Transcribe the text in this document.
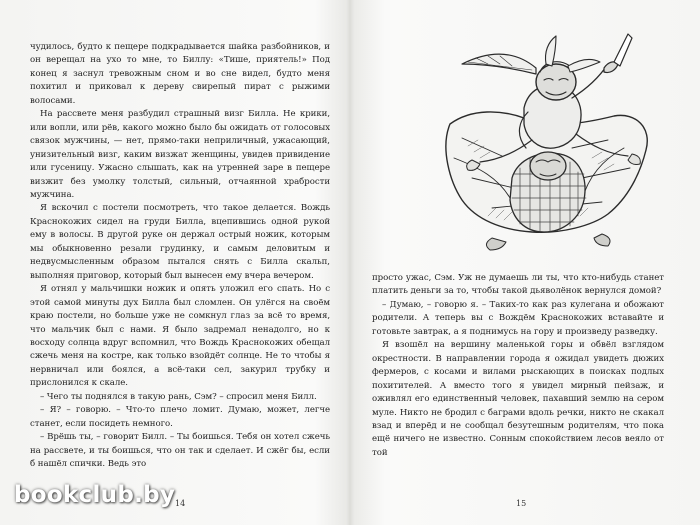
чудилось, будто к пещере подкрадывается шайка разбойников, и он верещал на ухо то мне, то Биллу: «Тише, приятель!» Под конец я заснул тревожным сном и во сне видел, будто меня похитил и приковал к дереву свирепый пират с рыжими волосами.

На рассвете меня разбудил страшный визг Билла. Не крики, или вопли, или рёв, какого можно было бы ожидать от голосовых связок мужчины, — нет, прямо-таки неприличный, ужасающий, унизительный визг, каким визжат женщины, увидев привидение или гусеницу. Ужасно слышать, как на утренней заре в пещере визжит без умолку толстый, сильный, отчаянной храбрости мужчина.

Я вскочил с постели посмотреть, что такое делается. Вождь Краснокожих сидел на груди Билла, вцепившись одной рукой ему в волосы. В другой руке он держал острый ножик, которым мы обыкновенно резали грудинку, и самым деловитым и недвусмысленным образом пытался снять с Билла скальп, выполняя приговор, который был вынесен ему вчера вечером.

Я отнял у мальчишки ножик и опять уложил его спать. Но с этой самой минуты дух Билла был сломлен. Он улёгся на своём краю постели, но больше уже не сомкнул глаз за всё то время, что мальчик был с нами. Я было задремал ненадолго, но к восходу солнца вдруг вспомнил, что Вождь Краснокожих обещал сжечь меня на костре, как только взойдёт солнце. Не то чтобы я нервничал или боялся, а всё-таки сел, закурил трубку и прислонился к скале.

– Чего ты поднялся в такую рань, Сэм? – спросил меня Билл.

– Я? – говорю. – Что-то плечо ломит. Думаю, может, легче станет, если посидеть немного.

– Врёшь ты, – говорит Билл. – Ты боишься. Тебя он хотел сжечь на рассвете, и ты боишься, что он так и сделает. И сжёг бы, если б нашёл спички. Ведь это

14

просто ужас, Сэм. Уж не думаешь ли ты, что кто-нибудь станет платить деньги за то, чтобы такой дьяволёнок вернулся домой?

– Думаю, – говорю я. – Таких-то как раз кулегана и обожают родители. А теперь вы с Вождём Краснокожих вставайте и готовьте завтрак, а я поднимусь на гору и произведу разведку.

Я взошёл на вершину маленькой горы и обвёл взглядом окрестности. В направлении города я ожидал увидеть дюжих фермеров, с косами и вилами рыскающих в поисках подлых похитителей. А вместо того я увидел мирный пейзаж, и оживлял его единственный человек, пахавший землю на сером муле. Никто не бродил с баграми вдоль речки, никто не скакал взад и вперёд и не сообщал безутешным родителям, что пока ещё ничего не известно. Сонным спокойствием лесов веяло от той

15
bookclub.by
